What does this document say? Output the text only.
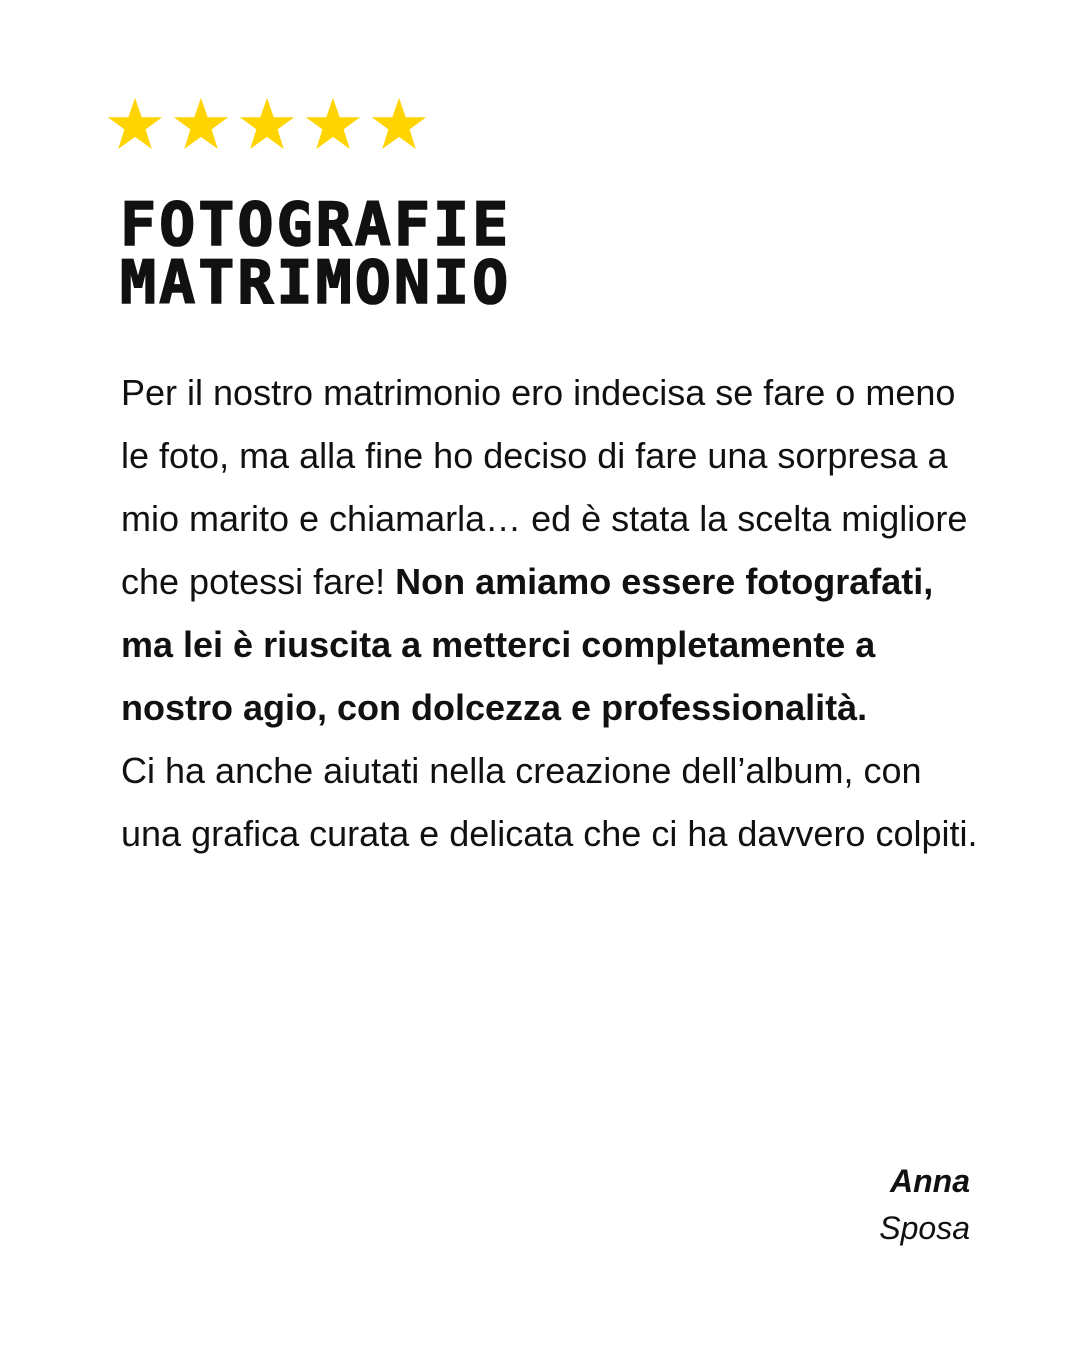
FOTOGRAFIE
MATRIMONIO

Per il nostro matrimonio ero indecisa se fare o meno le foto, ma alla fine ho deciso di fare una sorpresa a mio marito e chiamarla… ed è stata la scelta migliore che potessi fare! Non amiamo essere fotografati, ma lei è riuscita a metterci completamente a nostro agio, con dolcezza e professionalità.
Ci ha anche aiutati nella creazione dell’album, con una grafica curata e delicata che ci ha davvero colpiti.

Anna
Sposa
